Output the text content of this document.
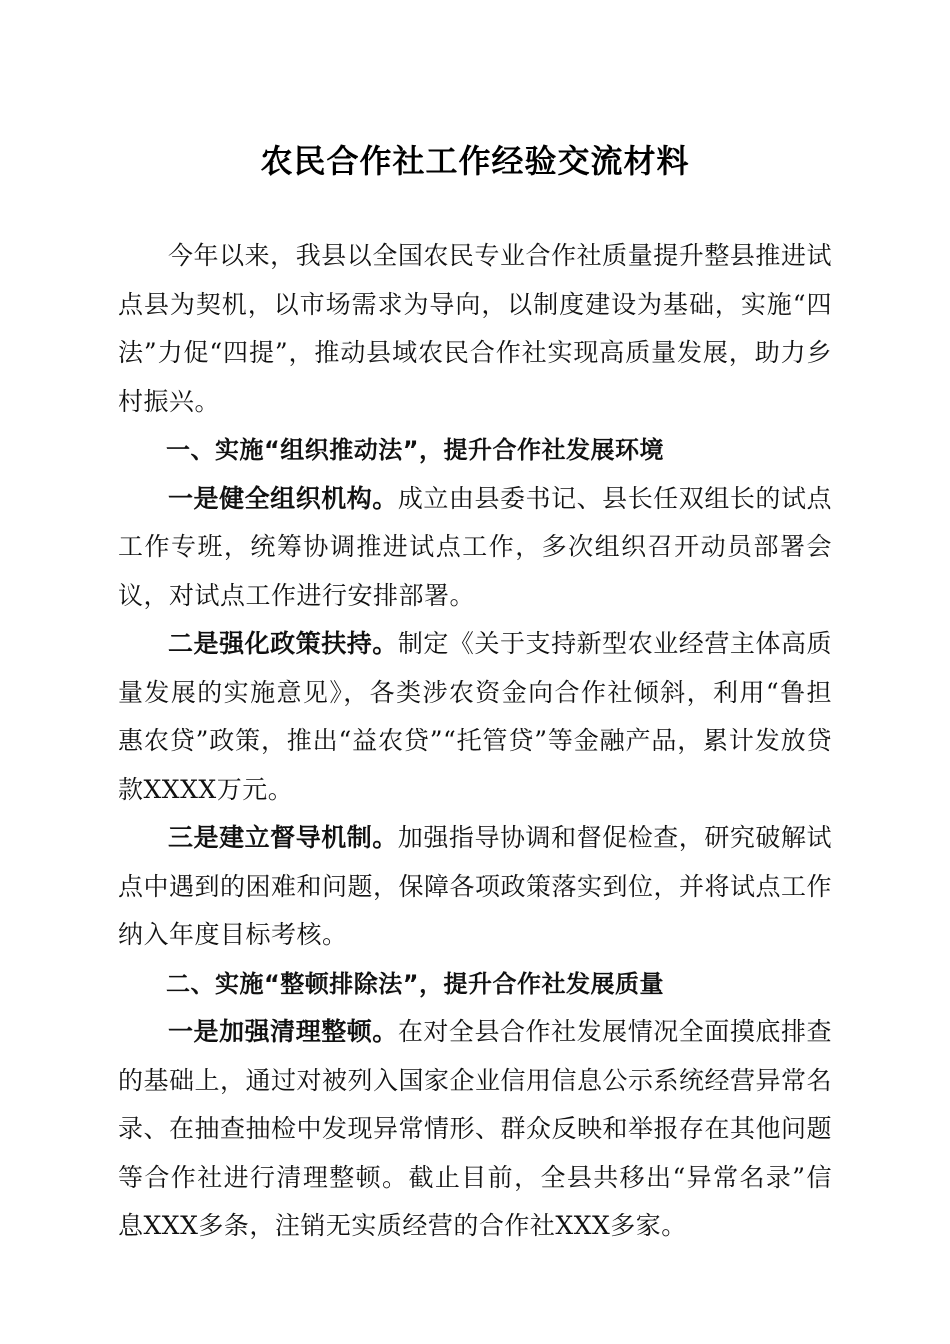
农民合作社工作经验交流材料

今年以来，我县以全国农民专业合作社质量提升整县推进试点县为契机，以市场需求为导向，以制度建设为基础，实施“四法”力促“四提”，推动县域农民合作社实现高质量发展，助力乡村振兴。

一、实施“组织推动法”，提升合作社发展环境

一是健全组织机构。成立由县委书记、县长任双组长的试点工作专班，统筹协调推进试点工作，多次组织召开动员部署会议，对试点工作进行安排部署。

二是强化政策扶持。制定《关于支持新型农业经营主体高质量发展的实施意见》，各类涉农资金向合作社倾斜，利用“鲁担惠农贷”政策，推出“益农贷”“托管贷”等金融产品，累计发放贷款XXXX万元。

三是建立督导机制。加强指导协调和督促检查，研究破解试点中遇到的困难和问题，保障各项政策落实到位，并将试点工作纳入年度目标考核。

二、实施“整顿排除法”，提升合作社发展质量

一是加强清理整顿。在对全县合作社发展情况全面摸底排查的基础上，通过对被列入国家企业信用信息公示系统经营异常名录、在抽查抽检中发现异常情形、群众反映和举报存在其他问题等合作社进行清理整顿。截止目前，全县共移出“异常名录”信息XXX多条，注销无实质经营的合作社XXX多家。
